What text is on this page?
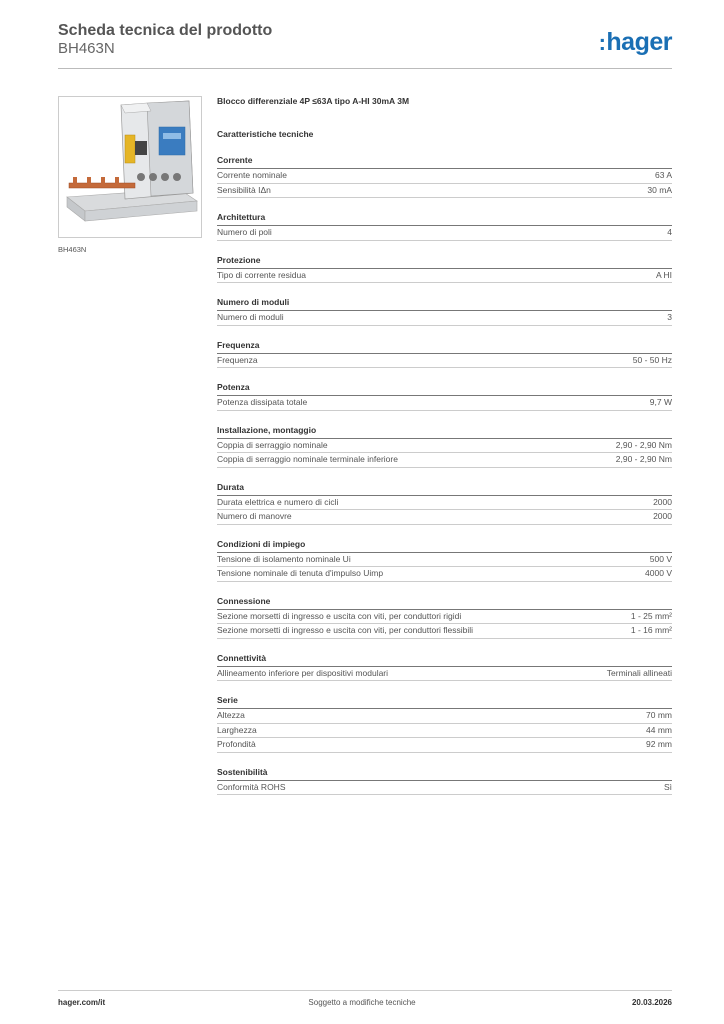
Scheda tecnica del prodotto
BH463N	:hager
BH463N
Blocco differenziale 4P ≤63A tipo A-HI 30mA 3M
Caratteristiche tecniche
Corrente
Corrente nominale	63 A
Sensibilità IΔn	30 mA
Architettura
Numero di poli	4
Protezione
Tipo di corrente residua	A HI
Numero di moduli
Numero di moduli	3
Frequenza
Frequenza	50 - 50 Hz
Potenza
Potenza dissipata totale	9,7 W
Installazione, montaggio
Coppia di serraggio nominale	2,90 - 2,90 Nm
Coppia di serraggio nominale terminale inferiore	2,90 - 2,90 Nm
Durata
Durata elettrica e numero di cicli	2000
Numero di manovre	2000
Condizioni di impiego
Tensione di isolamento nominale Ui	500 V
Tensione nominale di tenuta d'impulso Uimp	4000 V
Connessione
Sezione morsetti di ingresso e uscita con viti, per conduttori rigidi	1 - 25 mm²
Sezione morsetti di ingresso e uscita con viti, per conduttori flessibili	1 - 16 mm²
Connettività
Allineamento inferiore per dispositivi modulari	Terminali allineati
Serie
Altezza	70 mm
Larghezza	44 mm
Profondità	92 mm
Sostenibilità
Conformità ROHS	Sì
hager.com/it	Soggetto a modifiche tecniche	20.03.2026
